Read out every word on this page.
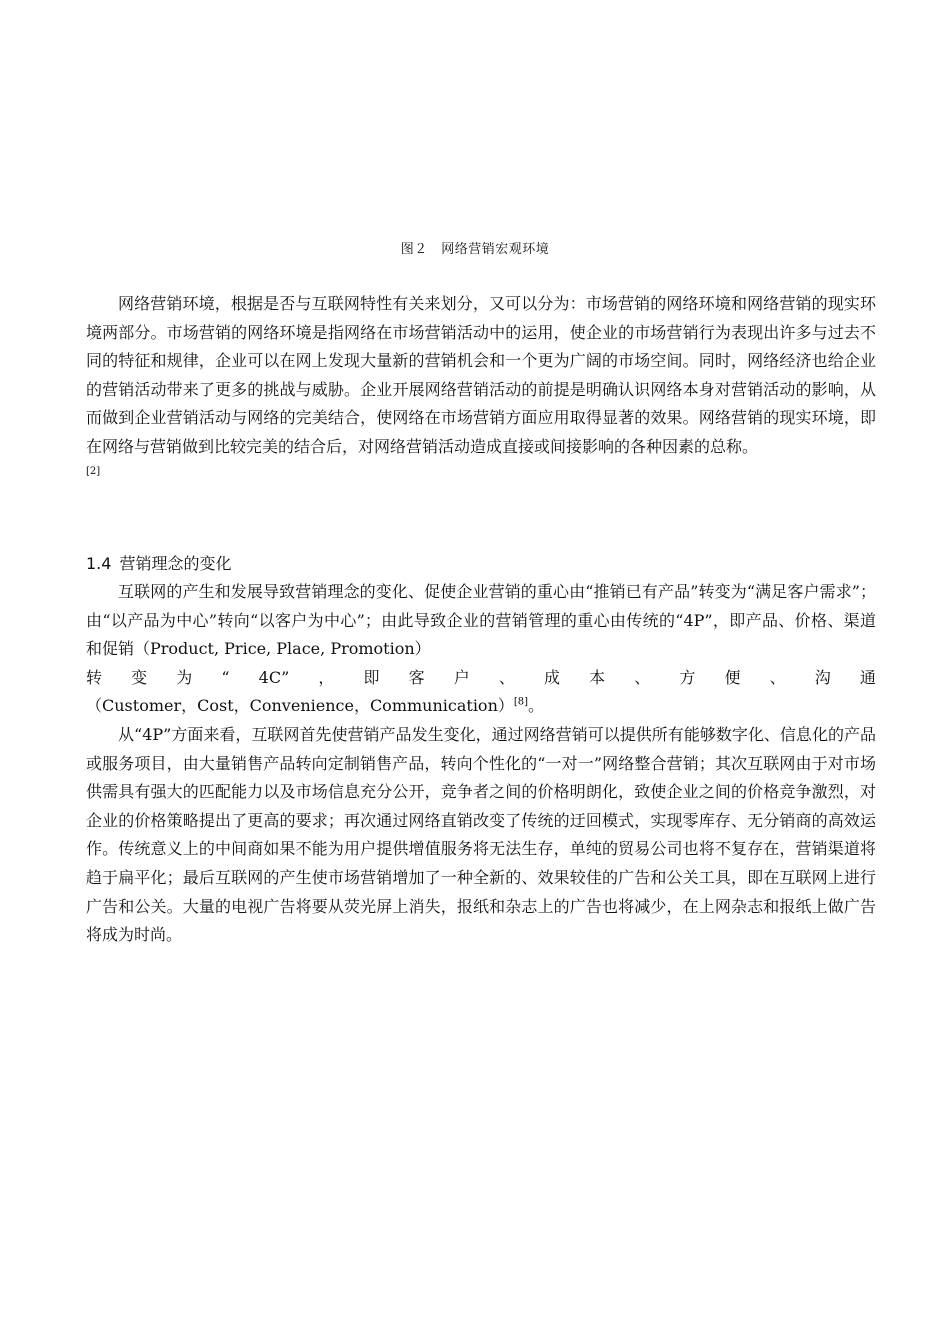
图２　网络营销宏观环境

网络营销环境，根据是否与互联网特性有关来划分，又可以分为：市场营销的网络环境和网络营销的现实环境两部分。市场营销的网络环境是指网络在市场营销活动中的运用，使企业的市场营销行为表现出许多与过去不同的特征和规律，企业可以在网上发现大量新的营销机会和一个更为广阔的市场空间。同时，网络经济也给企业的营销活动带来了更多的挑战与威胁。企业开展网络营销活动的前提是明确认识网络本身对营销活动的影响，从而做到企业营销活动与网络的完美结合，使网络在市场营销方面应用取得显著的效果。网络营销的现实环境，即在网络与营销做到比较完美的结合后，对网络营销活动造成直接或间接影响的各种因素的总称。
[2]

1.4 营销理念的变化

互联网的产生和发展导致营销理念的变化、促使企业营销的重心由“推销已有产品”转变为“满足客户需求”；由“以产品为中心”转向“以客户为中心”；由此导致企业的营销管理的重心由传统的“4P”，即产品、价格、渠道和促销（Product, Price, Place, Promotion）

转 变 为 “ 4C” ， 即 客 户 、 成 本 、 方 便 、 沟 通
（Customer，Cost，Convenience，Communication）[8]。

从“4P”方面来看，互联网首先使营销产品发生变化，通过网络营销可以提供所有能够数字化、信息化的产品或服务项目，由大量销售产品转向定制销售产品，转向个性化的“一对一”网络整合营销；其次互联网由于对市场供需具有强大的匹配能力以及市场信息充分公开，竞争者之间的价格明朗化，致使企业之间的价格竞争激烈，对企业的价格策略提出了更高的要求；再次通过网络直销改变了传统的迂回模式，实现零库存、无分销商的高效运作。传统意义上的中间商如果不能为用户提供增值服务将无法生存，单纯的贸易公司也将不复存在，营销渠道将趋于扁平化；最后互联网的产生使市场营销增加了一种全新的、效果较佳的广告和公关工具，即在互联网上进行广告和公关。大量的电视广告将要从荧光屏上消失，报纸和杂志上的广告也将减少，在上网杂志和报纸上做广告将成为时尚。
